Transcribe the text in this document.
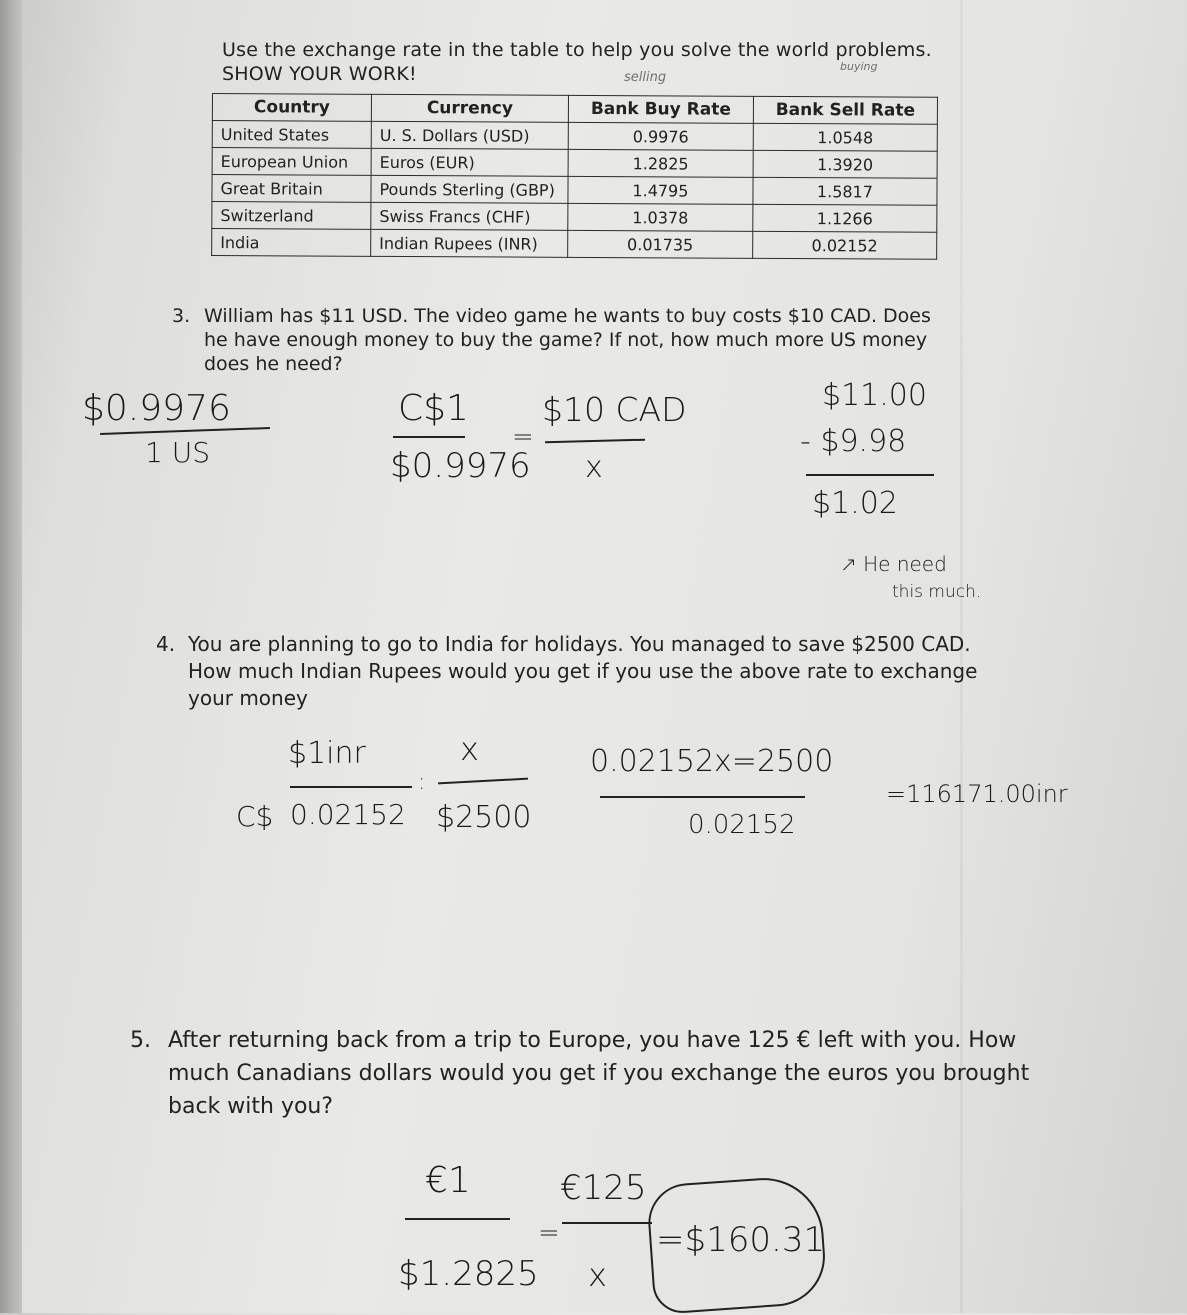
Use the exchange rate in the table to help you solve the world problems.
SHOW YOUR WORK!	selling
buying
Country	Currency	Bank Buy Rate	Bank Sell Rate
United States	U. S. Dollars (USD)	0.9976	1.0548
European Union	Euros (EUR)	1.2825	1.3920
Great Britain	Pounds Sterling (GBP)	1.4795	1.5817
Switzerland	Swiss Francs (CHF)	1.0378	1.1266
India	Indian Rupees (INR)	0.01735	0.02152
3. William has $11 USD. The video game he wants to buy costs $10 CAD. Does
he have enough money to buy the game? If not, how much more US money
does he need?
$0.9976
1 US
C$1
$0.9976
=
$10 CAD
x
$11.00
- $9.98
$1.02
↗ He need
this much.
4. You are planning to go to India for holidays. You managed to save $2500 CAD.
How much Indian Rupees would you get if you use the above rate to exchange
your money
$1inr
C$ 0.02152
:
x
$2500
0.02152x=2500
0.02152
=116171.00inr
5. After returning back from a trip to Europe, you have 125 € left with you. How
much Canadians dollars would you get if you exchange the euros you brought
back with you?
€1
$1.2825
=
€125
x
=$160.31
